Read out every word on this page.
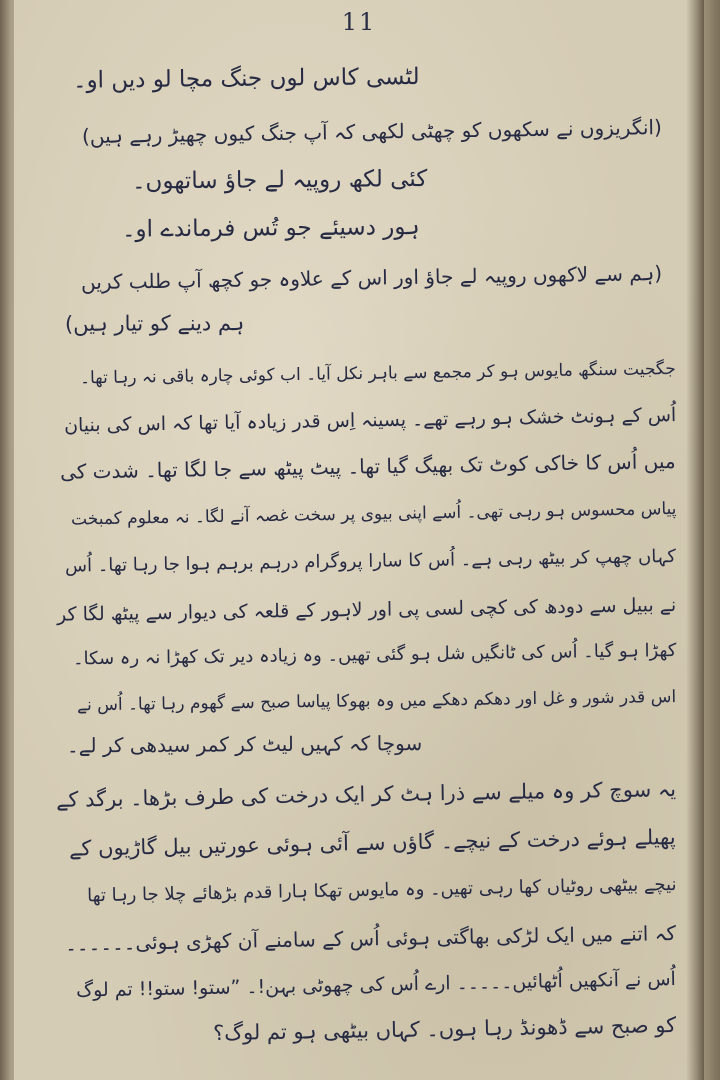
11
لٹسی کاس لوں جنگ مچا لو دیں او۔
(انگریزوں نے سکھوں کو چھٹی لکھی کہ آپ جنگ کیوں چھیڑ رہے ہیں)
کئی لکھ روپیہ لے جاؤ ساتھوں۔
ہور دسیئے جو تُس فرماندے او۔
(ہم سے لاکھوں روپیہ لے جاؤ اور اس کے علاوہ جو کچھ آپ طلب کریں
ہم دینے کو تیار ہیں)
جگجیت سنگھ مایوس ہو کر مجمع سے باہر نکل آیا۔ اب کوئی چارہ باقی نہ رہا تھا۔
اُس کے ہونٹ خشک ہو رہے تھے۔ پسینہ اِس قدر زیادہ آیا تھا کہ اس کی بنیان
میں اُس کا خاکی کوٹ تک بھیگ گیا تھا۔ پیٹ پیٹھ سے جا لگا تھا۔ شدت کی
پیاس محسوس ہو رہی تھی۔ اُسے اپنی بیوی پر سخت غصہ آنے لگا۔ نہ معلوم کمبخت
کہاں چھپ کر بیٹھ رہی ہے۔ اُس کا سارا پروگرام درہم برہم ہوا جا رہا تھا۔ اُس
نے ببیل سے دودھ کی کچی لسی پی اور لاہور کے قلعہ کی دیوار سے پیٹھ لگا کر
کھڑا ہو گیا۔ اُس کی ٹانگیں شل ہو گئی تھیں۔ وہ زیادہ دیر تک کھڑا نہ رہ سکا۔
اس قدر شور و غل اور دھکم دھکے میں وہ بھوکا پیاسا صبح سے گھوم رہا تھا۔ اُس نے
سوچا کہ کہیں لیٹ کر کمر سیدھی کر لے۔
یہ سوچ کر وہ میلے سے ذرا ہٹ کر ایک درخت کی طرف بڑھا۔ برگد کے
پھیلے ہوئے درخت کے نیچے۔ گاؤں سے آئی ہوئی عورتیں بیل گاڑیوں کے
نیچے بیٹھی روٹیاں کھا رہی تھیں۔ وہ مایوس تھکا ہارا قدم بڑھائے چلا جا رہا تھا
کہ اتنے میں ایک لڑکی بھاگتی ہوئی اُس کے سامنے آن کھڑی ہوئی۔۔۔۔۔۔
اُس نے آنکھیں اُٹھائیں۔۔۔۔۔ ارے اُس کی چھوٹی بہن!۔ ”ستو! ستو!! تم لوگ
کو صبح سے ڈھونڈ رہا ہوں۔ کہاں بیٹھی ہو تم لوگ؟
